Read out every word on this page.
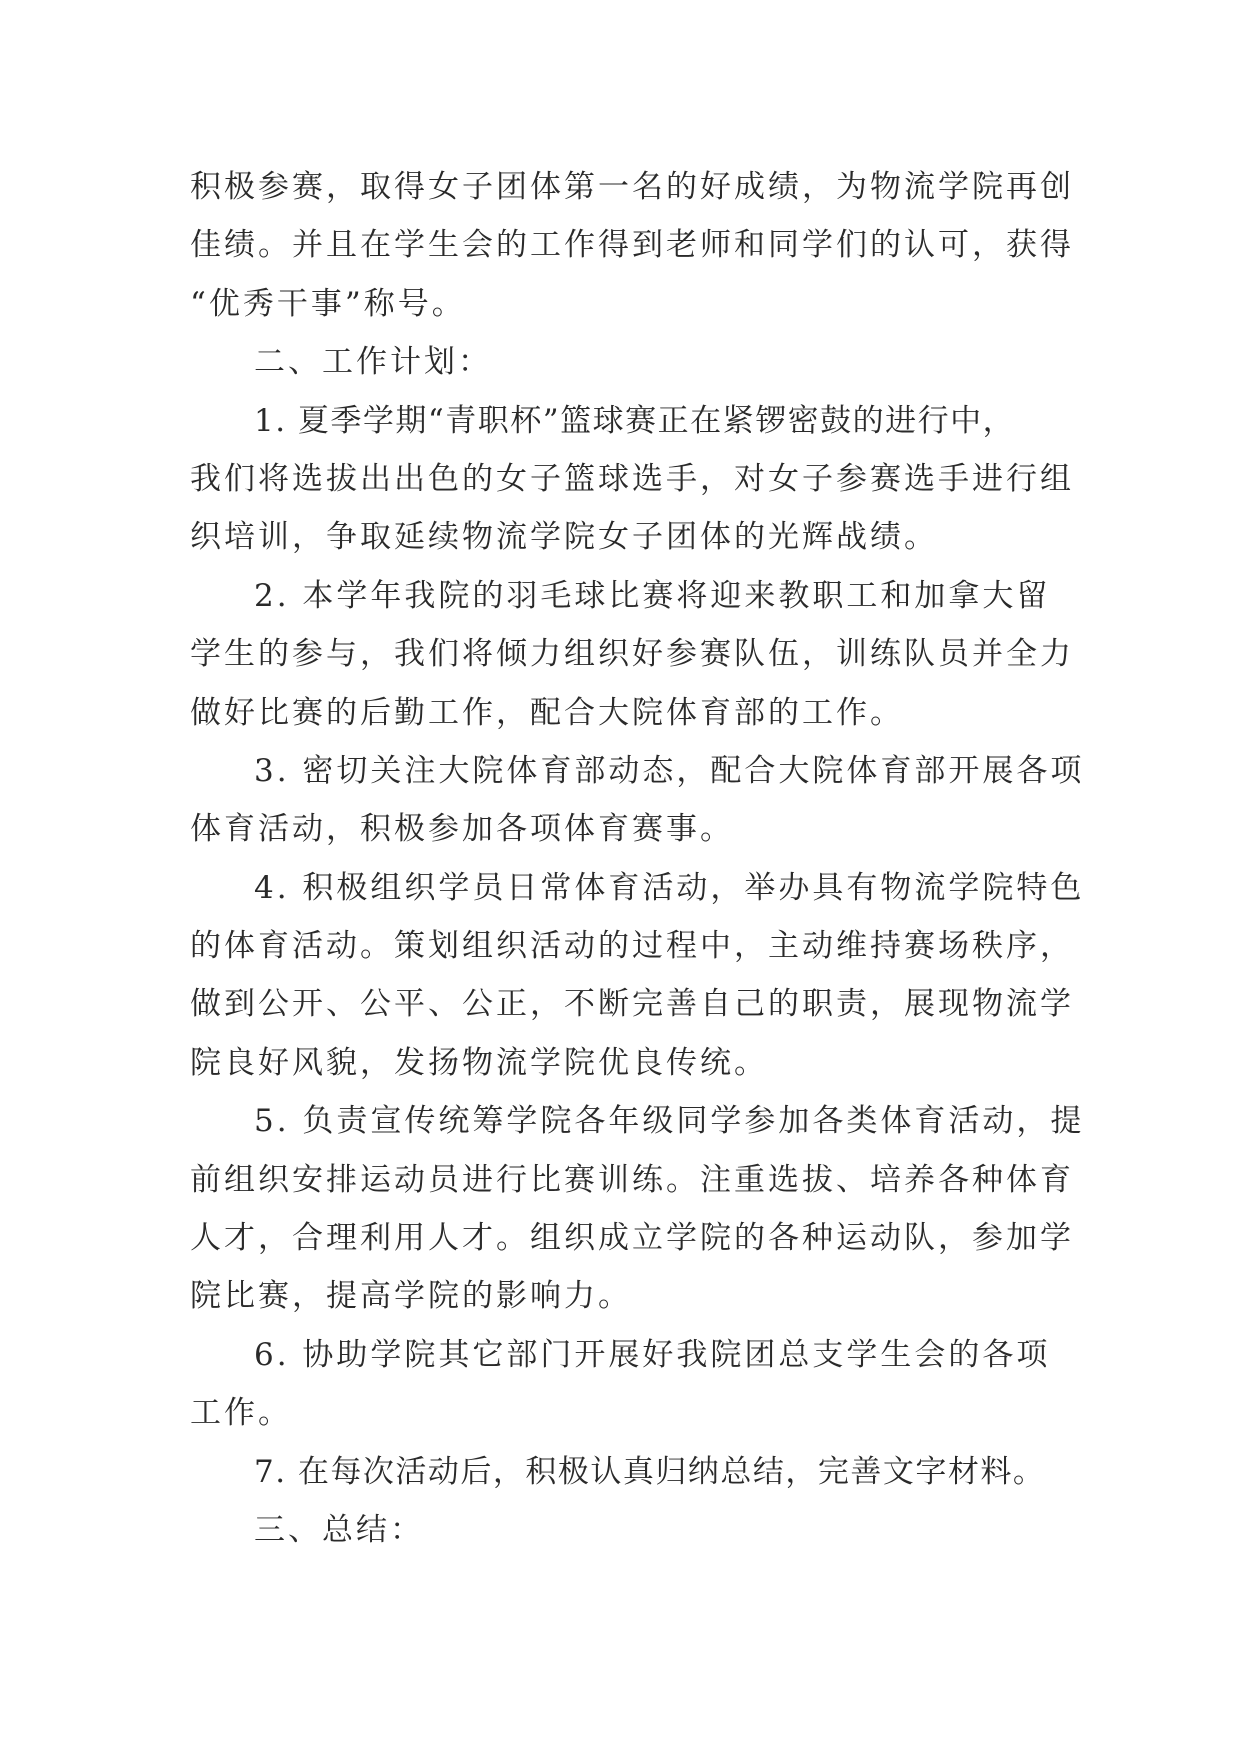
积极参赛，取得女子团体第一名的好成绩，为物流学院再创
佳绩。并且在学生会的工作得到老师和同学们的认可，获得
“优秀干事”称号。
二、工作计划：
1. 夏季学期“青职杯”篮球赛正在紧锣密鼓的进行中，
我们将选拔出出色的女子篮球选手，对女子参赛选手进行组
织培训，争取延续物流学院女子团体的光辉战绩。
2. 本学年我院的羽毛球比赛将迎来教职工和加拿大留
学生的参与，我们将倾力组织好参赛队伍，训练队员并全力
做好比赛的后勤工作，配合大院体育部的工作。
3. 密切关注大院体育部动态，配合大院体育部开展各项
体育活动，积极参加各项体育赛事。
4. 积极组织学员日常体育活动，举办具有物流学院特色
的体育活动。策划组织活动的过程中，主动维持赛场秩序，
做到公开、公平、公正，不断完善自己的职责，展现物流学
院良好风貌，发扬物流学院优良传统。
5. 负责宣传统筹学院各年级同学参加各类体育活动，提
前组织安排运动员进行比赛训练。注重选拔、培养各种体育
人才，合理利用人才。组织成立学院的各种运动队，参加学
院比赛，提高学院的影响力。
6. 协助学院其它部门开展好我院团总支学生会的各项
工作。
7. 在每次活动后，积极认真归纳总结，完善文字材料。
三、总结：
